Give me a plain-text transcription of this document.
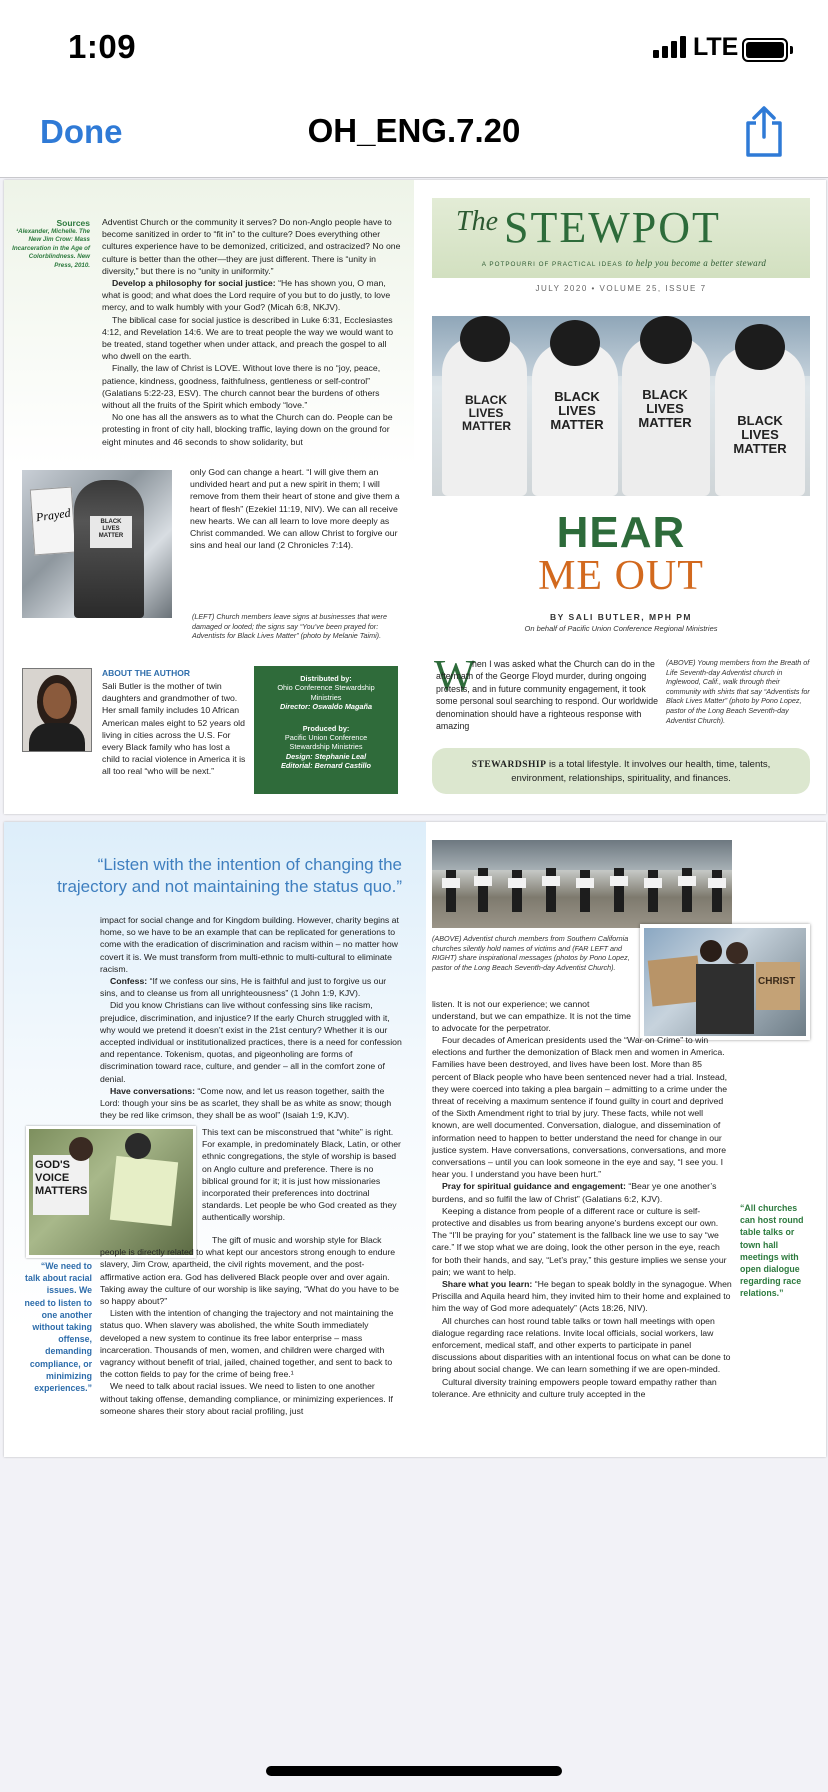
1:09	LTE
OH_ENG.7.20
Done
Sources
¹Alexander, Michelle. The New Jim Crow: Mass Incarceration in the Age of Colorblindness. New Press, 2010.

Adventist Church or the community it serves? Do non-Anglo people have to become sanitized in order to “fit in” to the culture? Does everything other cultures experience have to be demonized, criticized, and ostracized? No one culture is better than the other—they are just different. There is “unity in diversity,” but there is no “unity in uniformity.”

Develop a philosophy for social justice: “He has shown you, O man, what is good; and what does the Lord require of you but to do justly, to love mercy, and to walk humbly with your God? (Micah 6:8, NKJV).

The biblical case for social justice is described in Luke 6:31, Ecclesiastes 4:12, and Revelation 14:6. We are to treat people the way we would want to be treated, stand together when under attack, and preach the gospel to all who dwell on the earth.

Finally, the law of Christ is LOVE. Without love there is no “joy, peace, patience, kindness, goodness, faithfulness, gentleness or self-control” (Galatians 5:22-23, ESV). The church cannot bear the burdens of others without all the fruits of the Spirit which embody “love.”

No one has all the answers as to what the Church can do. People can be protesting in front of city hall, blocking traffic, laying down on the ground for eight minutes and 46 seconds to show solidarity, but

Prayed	BLACK LIVES MATTER

only God can change a heart. “I will give them an undivided heart and put a new spirit in them; I will remove from them their heart of stone and give them a heart of flesh” (Ezekiel 11:19, NIV). We can all receive new hearts. We can all learn to love more deeply as Christ commanded. We can allow Christ to forgive our sins and heal our land (2 Chronicles 7:14).

(LEFT) Church members leave signs at businesses that were damaged or looted; the signs say “You’ve been prayed for: Adventists for Black Lives Matter” (photo by Melanie Taimi).
ABOUT THE AUTHOR
Sali Butler is the mother of twin daughters and grandmother of two. Her small family includes 10 African American males eight to 52 years old living in cities across the U.S. For every Black family who has lost a child to racial violence in America it is all too real “who will be next.”
Distributed by:
Ohio Conference Stewardship Ministries
Director: Oswaldo Magaña
Produced by:
Pacific Union Conference Stewardship Ministries
Design: Stephanie Leal
Editorial: Bernard Castillo
The STEWPOT
A POTPOURRI OF PRACTICAL IDEAS to help you become a better steward
JULY 2020 • VOLUME 25, ISSUE 7
BLACK LIVES MATTER
BLACK LIVES MATTER
BLACK LIVES MATTER	BLACK LIVES MATTER
HEAR
ME OUT
BY SALI BUTLER, MPH PM
On behalf of Pacific Union Conference Regional Ministries
W
hen I was asked what the Church can do in the aftermath of the George Floyd murder, during ongoing protests, and in future community engagement, it took some personal soul searching to respond. Our worldwide denomination should have a righteous response with amazing
(ABOVE) Young members from the Breath of Life Seventh-day Adventist church in Inglewood, Calif., walk through their community with shirts that say “Adventists for Black Lives Matter” (photo by Pono Lopez, pastor of the Long Beach Seventh-day Adventist Church).
STEWARDSHIP is a total lifestyle. It involves our health, time, talents, environment, relationships, spirituality, and finances.
“Listen with the intention of changing the trajectory and not maintaining the status quo.”

impact for social change and for Kingdom building. However, charity begins at home, so we have to be an example that can be replicated for generations to come with the eradication of discrimination and racism within – no matter how covert it is. We must transform from multi-ethnic to multi-cultural to eliminate racism.

Confess: “If we confess our sins, He is faithful and just to forgive us our sins, and to cleanse us from all unrighteousness” (1 John 1:9, KJV).

Did you know Christians can live without confessing sins like racism, prejudice, discrimination, and injustice? If the early Church struggled with it, why would we pretend it doesn’t exist in the 21st century? Whether it is our accepted individual or institutionalized practices, there is a need for confession and repentance. Tokenism, quotas, and pigeonholing are forms of discrimination toward race, culture, and gender – all in the comfort zone of denial.

Have conversations: “Come now, and let us reason together, saith the Lord: though your sins be as scarlet, they shall be as white as snow; though they be red like crimson, they shall be as wool” (Isaiah 1:9, KJV).

GOD'S VOICE MATTERS

This text can be misconstrued that “white” is right. For example, in predominately Black, Latin, or other ethnic congregations, the style of worship is based on Anglo culture and preference. There is no biblical ground for it; it is just how missionaries incorporated their preferences into doctrinal standards. Let people be who God created as they authentically worship.

The gift of music and worship style for Black people is directly related to what kept our ancestors strong enough to endure slavery, Jim Crow, apartheid, the civil rights movement, and the post-affirmative action era. God has delivered Black people over and over again. Taking away the culture of our worship is like saying, “What do you have to be so happy about?”

Listen with the intention of changing the trajectory and not maintaining the status quo. When slavery was abolished, the white South immediately developed a new system to continue its free labor enterprise – mass incarceration. Thousands of men, women, and children were charged with vagrancy without benefit of trial, jailed, chained together, and sent to back to the cotton fields to pay for the crime of being free.¹

We need to talk about racial issues. We need to listen to one another without taking offense, demanding compliance, or minimizing experiences. If someone shares their story about racial profiling, just

“We need to talk about racial issues. We need to listen to one another without taking offense, demanding compliance, or minimizing experiences.”
CHRIST
(ABOVE) Adventist church members from Southern California churches silently hold names of victims and (FAR LEFT and RIGHT) share inspirational messages (photos by Pono Lopez, pastor of the Long Beach Seventh-day Adventist Church).

listen. It is not our experience; we cannot understand, but we can empathize. It is not the time to advocate for the perpetrator.

Four decades of American presidents used the “War on Crime” to win elections and further the demonization of Black men and women in America. Families have been destroyed, and lives have been lost. More than 85 percent of Black people who have been sentenced never had a trial. Instead, they were coerced into taking a plea bargain – admitting to a crime under the threat of receiving a maximum sentence if found guilty in court and deprived of the Sixth Amendment right to trial by jury. These facts, while not well known, are well documented. Conversation, dialogue, and dissemination of information need to happen to better understand the need for change in our justice system. Have conversations, conversations, conversations, and more conversations – until you can look someone in the eye and say, “I see you. I hear you. I understand you have been hurt.”

Pray for spiritual guidance and engagement: “Bear ye one another’s burdens, and so fulfil the law of Christ” (Galatians 6:2, KJV).

Keeping a distance from people of a different race or culture is self-protective and disables us from bearing anyone’s burdens except our own. The “I’ll be praying for you” statement is the fallback line we use to say “we care.” If we stop what we are doing, look the other person in the eye, reach for both their hands, and say, “Let’s pray,” this gesture implies we sense your pain; we want to help.

Share what you learn: “He began to speak boldly in the synagogue. When Priscilla and Aquila heard him, they invited him to their home and explained to him the way of God more adequately” (Acts 18:26, NIV).

All churches can host round table talks or town hall meetings with open dialogue regarding race relations. Invite local officials, social workers, law enforcement, medical staff, and other experts to participate in panel discussions about disparities with an intentional focus on what can be done to bring about social change. We can learn something if we are open-minded.

Cultural diversity training empowers people toward empathy rather than tolerance. Are ethnicity and culture truly accepted in the

“All churches can host round table talks or town hall meetings with open dialogue regarding race relations.”
